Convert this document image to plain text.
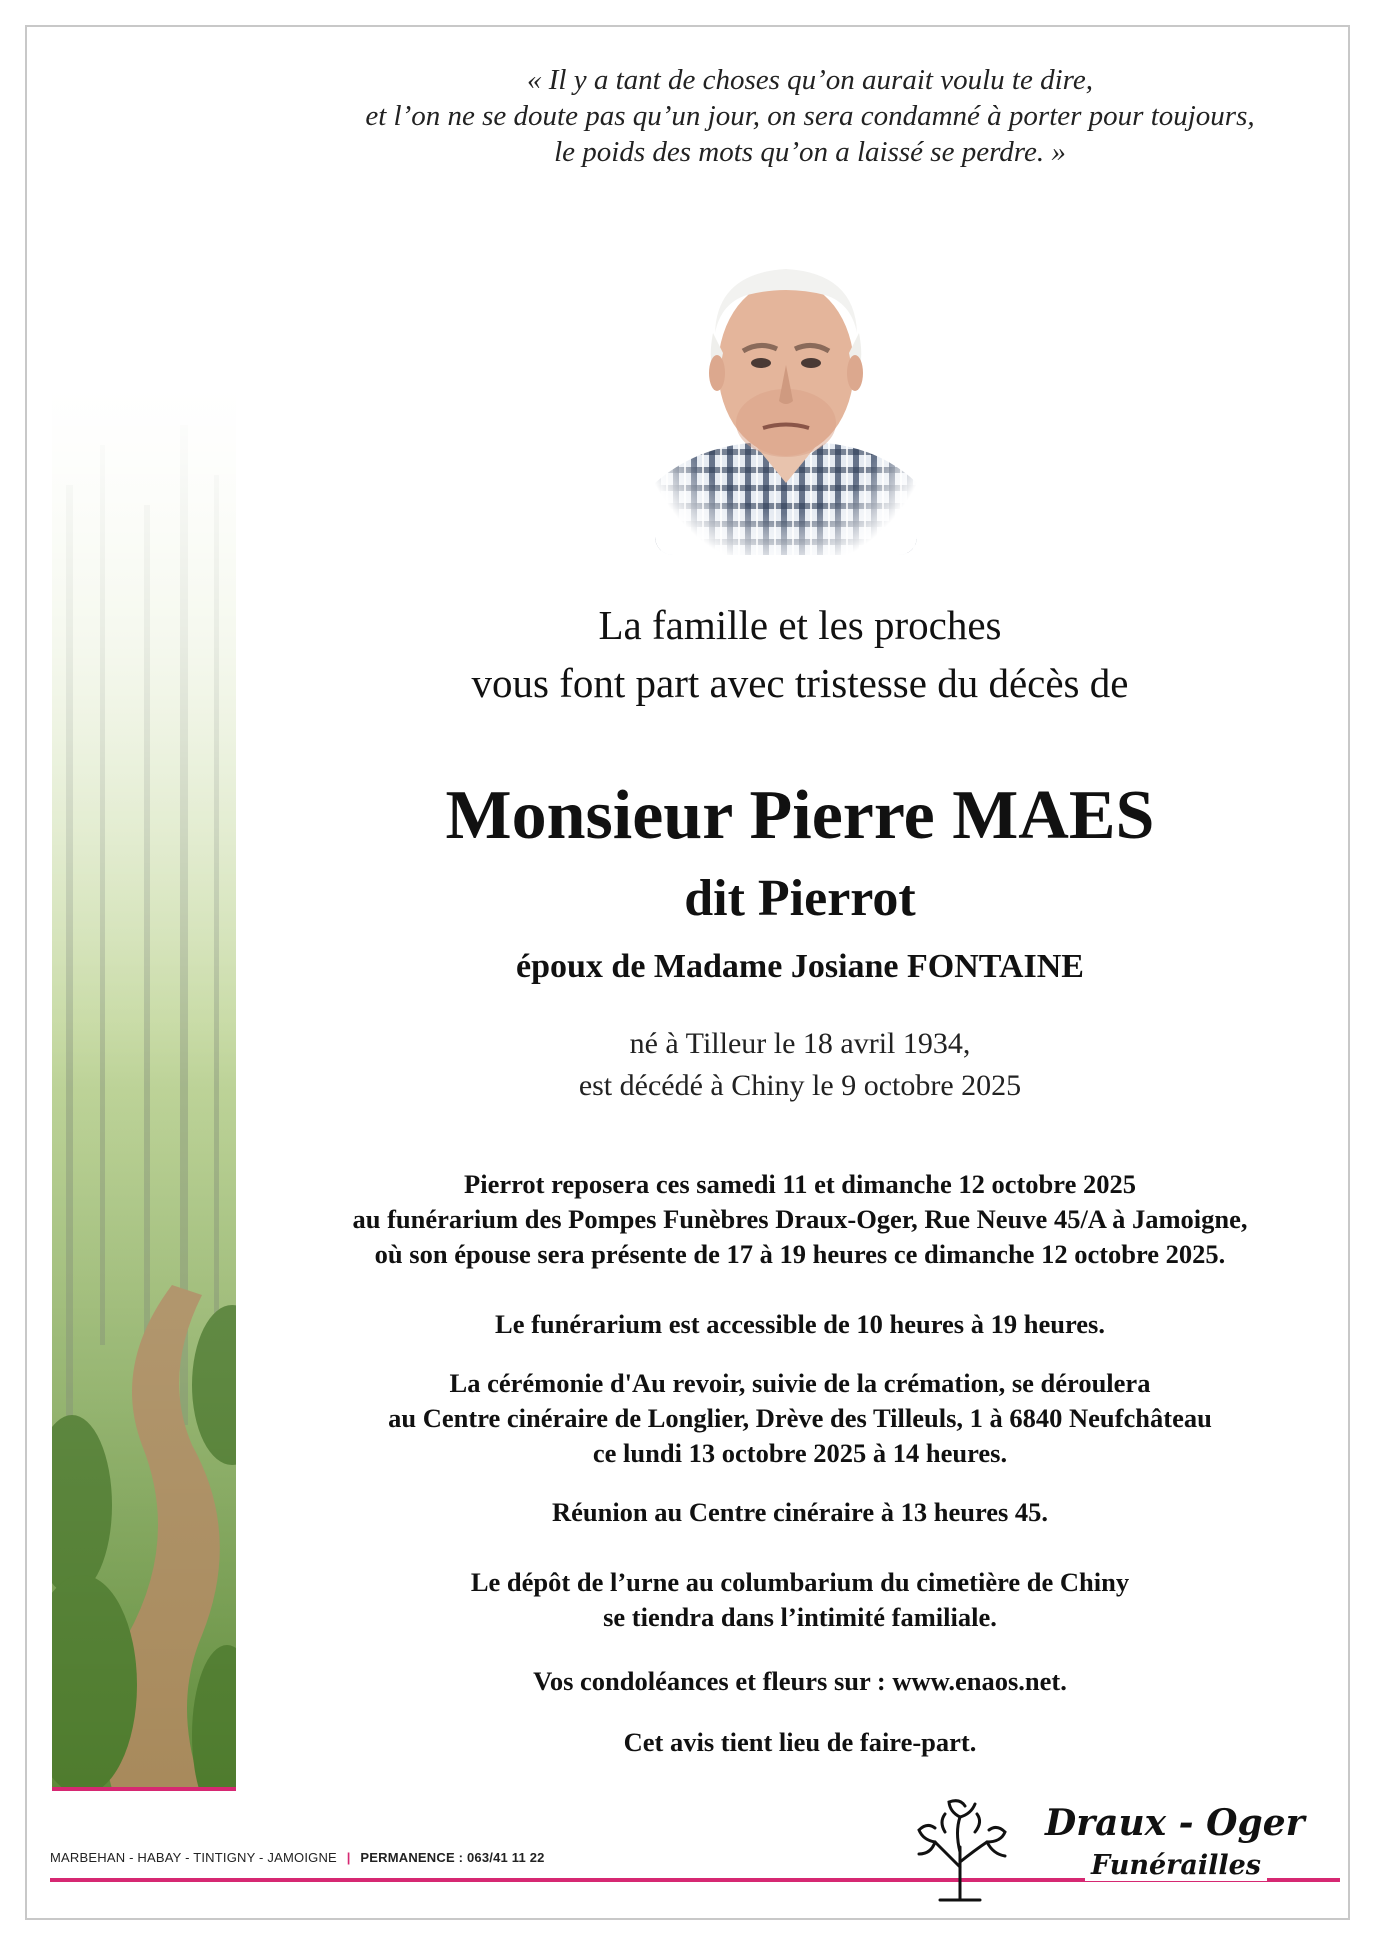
« Il y a tant de choses qu’on aurait voulu te dire,
et l’on ne se doute pas qu’un jour, on sera condamné à porter pour toujours,
le poids des mots qu’on a laissé se perdre. »
La famille et les proches
vous font part avec tristesse du décès de
Monsieur Pierre MAES
dit Pierrot
époux de Madame Josiane FONTAINE
né à Tilleur le 18 avril 1934,
est décédé à Chiny le 9 octobre 2025
Pierrot reposera ces samedi 11 et dimanche 12 octobre 2025
au funérarium des Pompes Funèbres Draux-Oger, Rue Neuve 45/A à Jamoigne,
où son épouse sera présente de 17 à 19 heures ce dimanche 12 octobre 2025.
Le funérarium est accessible de 10 heures à 19 heures.
La cérémonie d'Au revoir, suivie de la crémation, se déroulera
au Centre cinéraire de Longlier, Drève des Tilleuls, 1 à 6840 Neufchâteau
ce lundi 13 octobre 2025 à 14 heures.
Réunion au Centre cinéraire à 13 heures 45.
Le dépôt de l’urne au columbarium du cimetière de Chiny
se tiendra dans l’intimité familiale.
Vos condoléances et fleurs sur : www.enaos.net.
Cet avis tient lieu de faire-part.
MARBEHAN - HABAY - TINTIGNY - JAMOIGNE | PERMANENCE : 063/41 11 22
Draux - Oger
Funérailles
